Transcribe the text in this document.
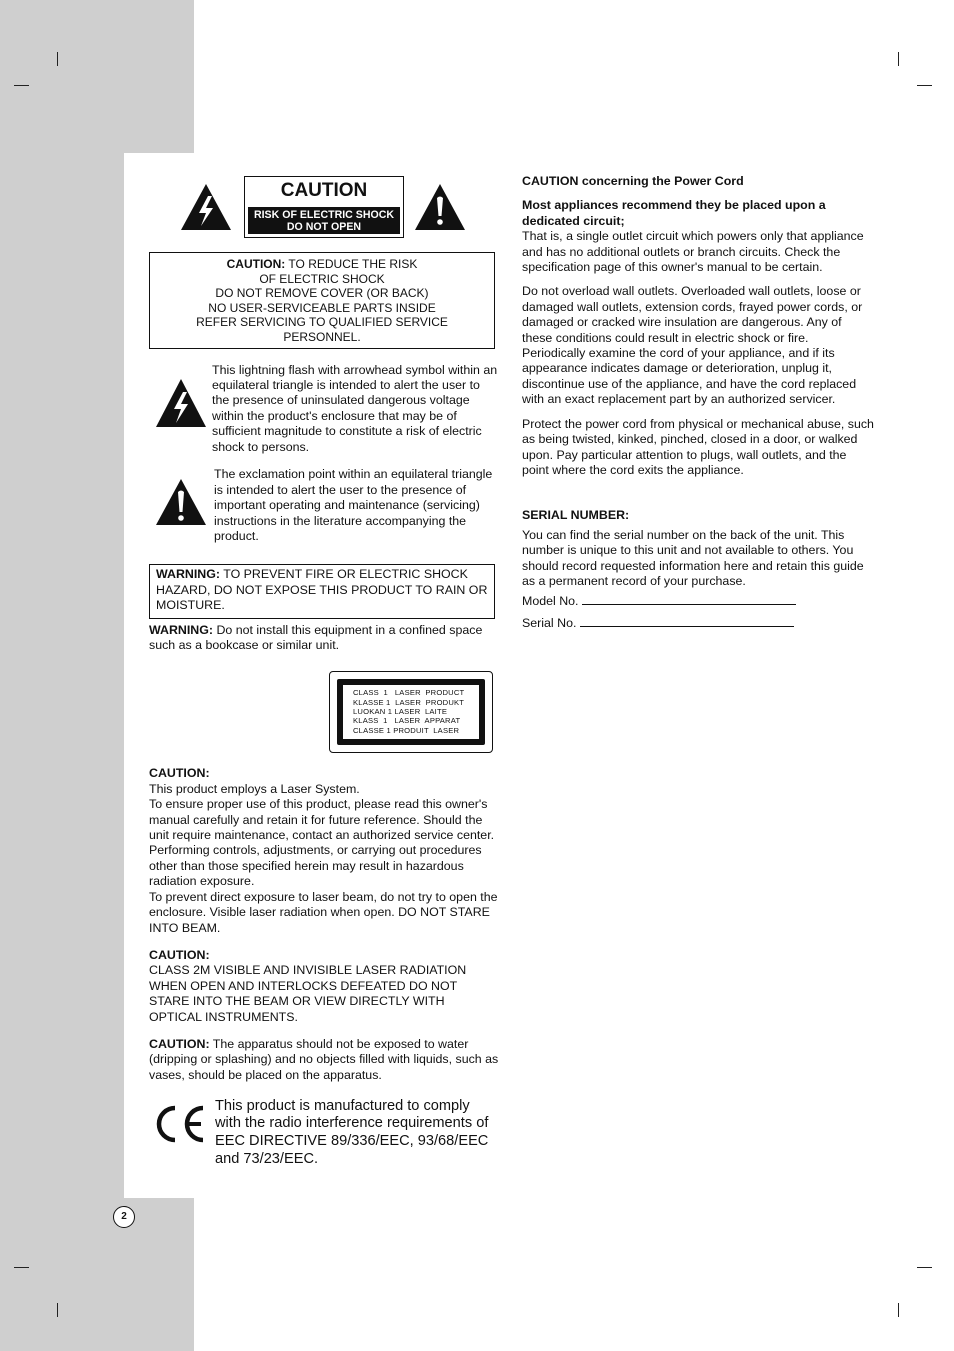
2
CAUTION
RISK OF ELECTRIC SHOCK
DO NOT OPEN
CAUTION: TO REDUCE THE RISK
OF ELECTRIC SHOCK
DO NOT REMOVE COVER (OR BACK)
NO USER-SERVICEABLE PARTS INSIDE
REFER SERVICING TO QUALIFIED SERVICE
PERSONNEL.

This lightning flash with arrowhead symbol within an equilateral triangle is intended to alert the user to the presence of uninsulated dangerous voltage within the product's enclosure that may be of sufficient magnitude to constitute a risk of electric shock to persons.

The exclamation point within an equilateral triangle is intended to alert the user to the presence of important operating and maintenance (servicing) instructions in the literature accompanying the product.

WARNING: TO PREVENT FIRE OR ELECTRIC SHOCK HAZARD, DO NOT EXPOSE THIS PRODUCT TO RAIN OR MOISTURE.

WARNING: Do not install this equipment in a confined space such as a bookcase or similar unit.

CLASS  1   LASER  PRODUCT
KLASSE 1  LASER  PRODUKT
LUOKAN 1 LASER  LAITE
KLASS  1   LASER  APPARAT
CLASSE 1 PRODUIT  LASER

CAUTION:

This product employs a Laser System.

To ensure proper use of this product, please read this owner's manual carefully and retain it for future reference. Should the unit require maintenance, contact an authorized service center.

Performing controls, adjustments, or carrying out procedures other than those specified herein may result in hazardous radiation exposure.

To prevent direct exposure to laser beam, do not try to open the enclosure. Visible laser radiation when open. DO NOT STARE INTO BEAM.

CAUTION:

CLASS 2M VISIBLE AND INVISIBLE LASER RADIATION WHEN OPEN AND INTERLOCKS DEFEATED DO NOT STARE INTO THE BEAM OR VIEW DIRECTLY WITH OPTICAL INSTRUMENTS.

CAUTION: The apparatus should not be exposed to water (dripping or splashing) and no objects filled with liquids, such as vases, should be placed on the apparatus.

This product is manufactured to comply with the radio interference requirements of EEC DIRECTIVE 89/336/EEC, 93/68/EEC and 73/23/EEC.

CAUTION concerning the Power Cord

Most appliances recommend they be placed upon a dedicated circuit;

That is, a single outlet circuit which powers only that appliance and has no additional outlets or branch circuits. Check the specification page of this owner's manual to be certain.

Do not overload wall outlets. Overloaded wall outlets, loose or damaged wall outlets, extension cords, frayed power cords, or damaged or cracked wire insulation are dangerous. Any of these conditions could result in electric shock or fire. Periodically examine the cord of your appliance, and if its appearance indicates damage or deterioration, unplug it, discontinue use of the appliance, and have the cord replaced with an exact replacement part by an authorized servicer.

Protect the power cord from physical or mechanical abuse, such as being twisted, kinked, pinched, closed in a door, or walked upon. Pay particular attention to plugs, wall outlets, and the point where the cord exits the appliance.

SERIAL NUMBER:

You can find the serial number on the back of the unit. This number is unique to this unit and not available to others. You should record requested information here and retain this guide as a permanent record of your purchase.

Model No.

Serial No.
